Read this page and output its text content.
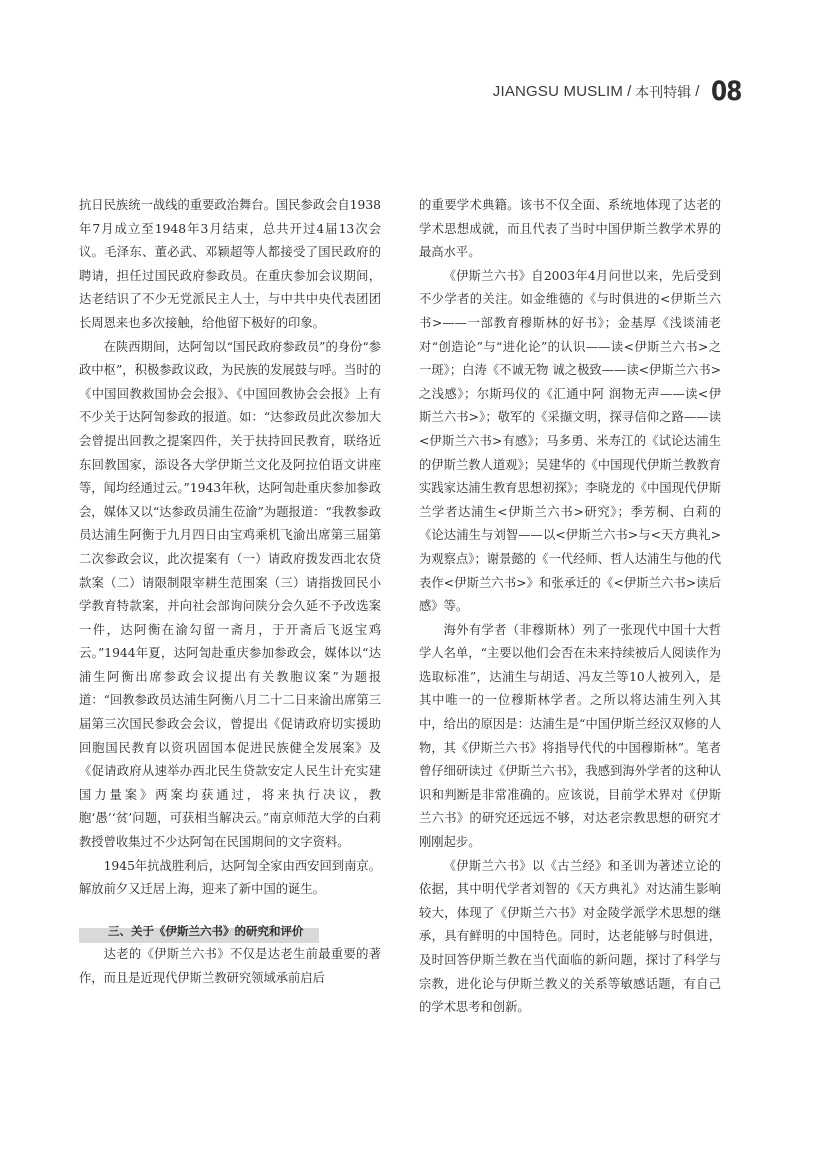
JIANGSU MUSLIM / 本刊特辑 / 08

抗日民族统一战线的重要政治舞台。国民参政会自1938年7月成立至1948年3月结束，总共开过4届13次会议。毛泽东、董必武、邓颖超等人都接受了国民政府的聘请，担任过国民政府参政员。在重庆参加会议期间，达老结识了不少无党派民主人士，与中共中央代表团团长周恩来也多次接触，给他留下极好的印象。

在陕西期间，达阿訇以“国民政府参政员”的身份“参政中枢”，积极参政议政，为民族的发展鼓与呼。当时的《中国回教救国协会会报》、《中国回教协会会报》上有不少关于达阿訇参政的报道。如：“达参政员此次参加大会曾提出回教之提案四件，关于扶持回民教育，联络近东回教国家，添设各大学伊斯兰文化及阿拉伯语文讲座等，闻均经通过云。”1943年秋，达阿訇赴重庆参加参政会，媒体又以“达参政员浦生莅渝”为题报道：“我教参政员达浦生阿衡于九月四日由宝鸡乘机飞渝出席第三届第二次参政会议，此次提案有（一）请政府拨发西北农贷款案（二）请限制限宰耕生范围案（三）请指拨回民小学教育特款案，并向社会部询问陕分会久延不予改选案一件，达阿衡在渝勾留一斋月，于开斋后飞返宝鸡云。”1944年夏，达阿訇赴重庆参加参政会，媒体以“达浦生阿衡出席参政会议提出有关教胞议案”为题报道：“回教参政员达浦生阿衡八月二十二日来渝出席第三届第三次国民参政会会议，曾提出《促请政府切实援助回胞国民教育以资巩固国本促进民族健全发展案》及《促请政府从速举办西北民生贷款安定人民生计充实建国力量案》两案均获通过，将来执行决议，教胞‘愚’‘贫’问题，可获相当解决云。”南京师范大学的白莉教授曾收集过不少达阿訇在民国期间的文字资料。

1945年抗战胜利后，达阿訇全家由西安回到南京。解放前夕又迁居上海，迎来了新中国的诞生。

三、关于《伊斯兰六书》的研究和评价

达老的《伊斯兰六书》不仅是达老生前最重要的著作，而且是近现代伊斯兰教研究领域承前启后

的重要学术典籍。该书不仅全面、系统地体现了达老的学术思想成就，而且代表了当时中国伊斯兰教学术界的最高水平。

《伊斯兰六书》自2003年4月问世以来，先后受到不少学者的关注。如金维德的《与时俱进的<伊斯兰六书>——一部教育穆斯林的好书》；金基厚《浅谈浦老对“创造论”与“进化论”的认识——读<伊斯兰六书>之一斑》；白涛《不诚无物 诚之极致——读<伊斯兰六书>之浅感》；尔斯玛仪的《汇通中阿 润物无声——读<伊斯兰六书>》；敬军的《采撷文明，探寻信仰之路——读<伊斯兰六书>有感》；马多勇、米寿江的《试论达浦生的伊斯兰教人道观》；吴建华的《中国现代伊斯兰教教育实践家达浦生教育思想初探》；李晓龙的《中国现代伊斯兰学者达浦生<伊斯兰六书>研究》；季芳桐、白莉的《论达浦生与刘智——以<伊斯兰六书>与<天方典礼>为观察点》；谢景懿的《一代经师、哲人达浦生与他的代表作<伊斯兰六书>》和张承迁的《<伊斯兰六书>读后感》等。

海外有学者（非穆斯林）列了一张现代中国十大哲学人名单，“主要以他们会否在未来持续被后人阅读作为选取标准”，达浦生与胡适、冯友兰等10人被列入，是其中唯一的一位穆斯林学者。之所以将达浦生列入其中，给出的原因是：达浦生是“中国伊斯兰经汉双修的人物，其《伊斯兰六书》将指导代代的中国穆斯林”。笔者曾仔细研读过《伊斯兰六书》，我感到海外学者的这种认识和判断是非常准确的。应该说，目前学术界对《伊斯兰六书》的研究还远远不够，对达老宗教思想的研究才刚刚起步。

《伊斯兰六书》以《古兰经》和圣训为著述立论的依据，其中明代学者刘智的《天方典礼》对达浦生影响较大，体现了《伊斯兰六书》对金陵学派学术思想的继承，具有鲜明的中国特色。同时，达老能够与时俱进，及时回答伊斯兰教在当代面临的新问题，探讨了科学与宗教，进化论与伊斯兰教义的关系等敏感话题，有自己的学术思考和创新。
